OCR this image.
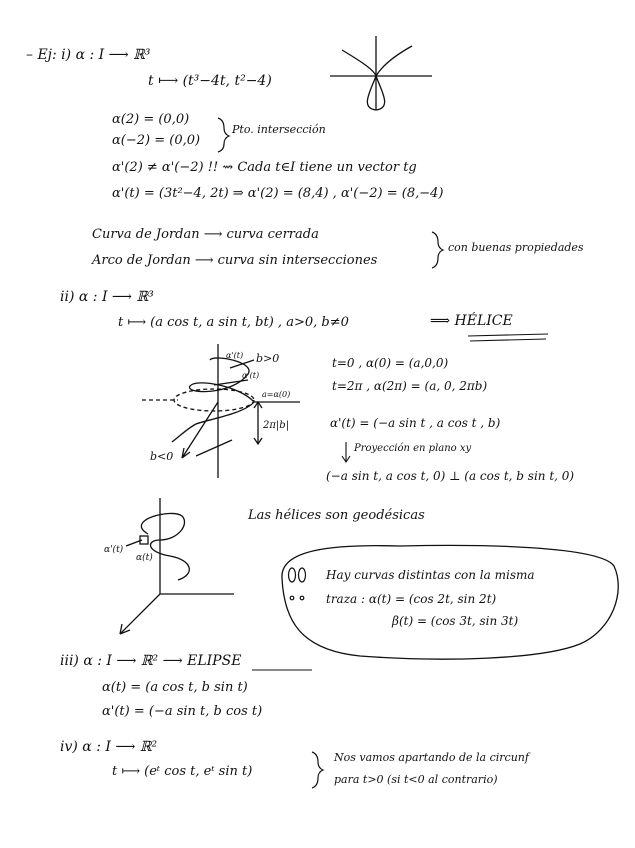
b>0
b<0
α'(t)
α'(t)
a=α(0)
2π|b|
α'(t)
α(t)
– Ej: i) α : I ⟶ ℝ³
t ⟼ (t³−4t, t²−4)
α(2) = (0,0)
α(−2) = (0,0)
Pto. intersección
α'(2) ≠ α'(−2) !! ⇝ Cada t∈I tiene un vector tg
α'(t) = (3t²−4, 2t) ⇒ α'(2) = (8,4) , α'(−2) = (8,−4)
Curva de Jordan ⟶ curva cerrada
Arco de Jordan ⟶ curva sin intersecciones
con buenas propiedades
ii) α : I ⟶ ℝ³
t ⟼ (a cos t, a sin t, bt) , a>0, b≠0	⟹ HÉLICE
t=0 , α(0) = (a,0,0)
t=2π , α(2π) = (a, 0, 2πb)
α'(t) = (−a sin t , a cos t , b)
Proyección en plano xy
(−a sin t, a cos t, 0) ⊥ (a cos t, b sin t, 0)
Las hélices son geodésicas
Hay curvas distintas con la misma
traza : α(t) = (cos 2t, sin 2t)
β(t) = (cos 3t, sin 3t)
iii) α : I ⟶ ℝ² ⟶ ELIPSE
α(t) = (a cos t, b sin t)
α'(t) = (−a sin t, b cos t)
iv) α : I ⟶ ℝ²
t ⟼ (eᵗ cos t, eᵗ sin t)
Nos vamos apartando de la circunf
para t>0 (si t<0 al contrario)
